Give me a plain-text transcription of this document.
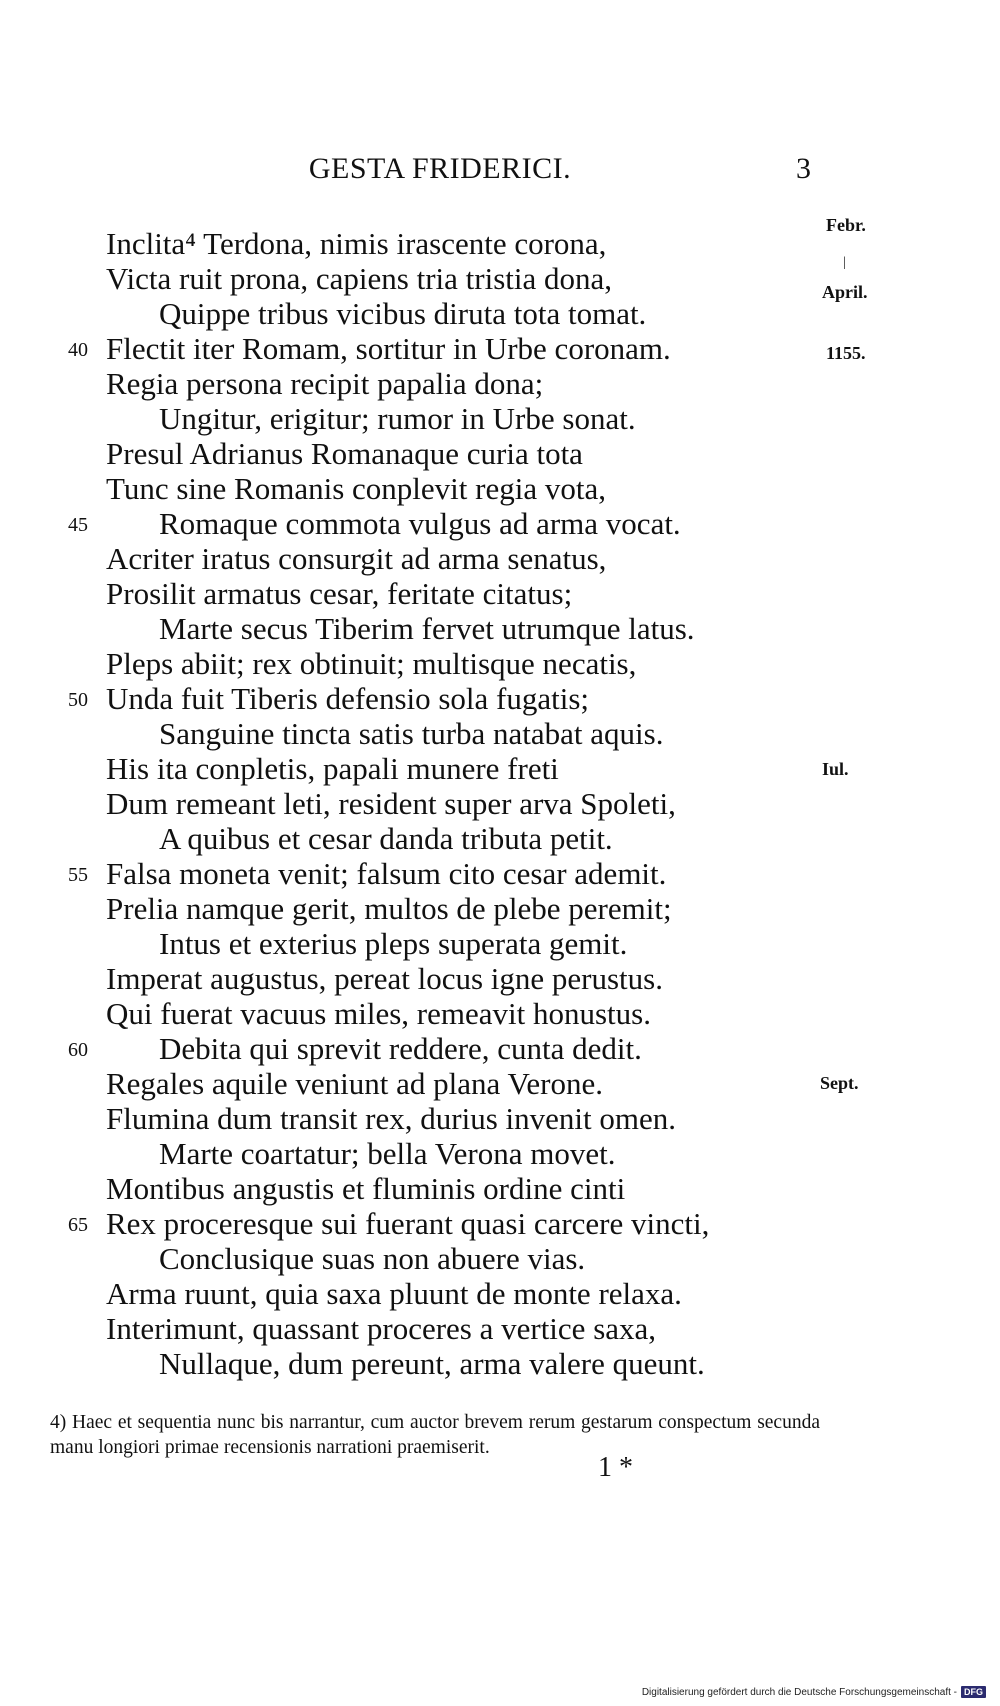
GESTA FRIDERICI.	3
Inclita⁴ Terdona, nimis irascente corona,
Victa ruit prona, capiens tria tristia dona,
Quippe tribus vicibus diruta tota tomat.
40 Flectit iter Romam, sortitur in Urbe coronam.
Regia persona recipit papalia dona;
Ungitur, erigitur; rumor in Urbe sonat.
Presul Adrianus Romanaque curia tota
Tunc sine Romanis conplevit regia vota,
45 Romaque commota vulgus ad arma vocat.
Acriter iratus consurgit ad arma senatus,
Prosilit armatus cesar, feritate citatus;
Marte secus Tiberim fervet utrumque latus.
Pleps abiit; rex obtinuit; multisque necatis,
50 Unda fuit Tiberis defensio sola fugatis;
Sanguine tincta satis turba natabat aquis.
His ita conpletis, papali munere freti
Dum remeant leti, resident super arva Spoleti,
A quibus et cesar danda tributa petit.
55 Falsa moneta venit; falsum cito cesar ademit.
Prelia namque gerit, multos de plebe peremit;
Intus et exterius pleps superata gemit.
Imperat augustus, pereat locus igne perustus.
Qui fuerat vacuus miles, remeavit honustus.
60 Debita qui sprevit reddere, cunta dedit.
Regales aquile veniunt ad plana Verone.
Flumina dum transit rex, durius invenit omen.
Marte coartatur; bella Verona movet.
Montibus angustis et fluminis ordine cinti
65 Rex proceresque sui fuerant quasi carcere vincti,
Conclusique suas non abuere vias.
Arma ruunt, quia saxa pluunt de monte relaxa.
Interimunt, quassant proceres a vertice saxa,
Nullaque, dum pereunt, arma valere queunt.
Febr.
|
April.
1155.
Iul.
Sept.
4) Haec et sequentia nunc bis narrantur, cum auctor brevem rerum gestarum conspectum secunda manu longiori primae recensionis narrationi praemiserit.
1 *
Digitalisierung gefördert durch die Deutsche Forschungsgemeinschaft - DFG
